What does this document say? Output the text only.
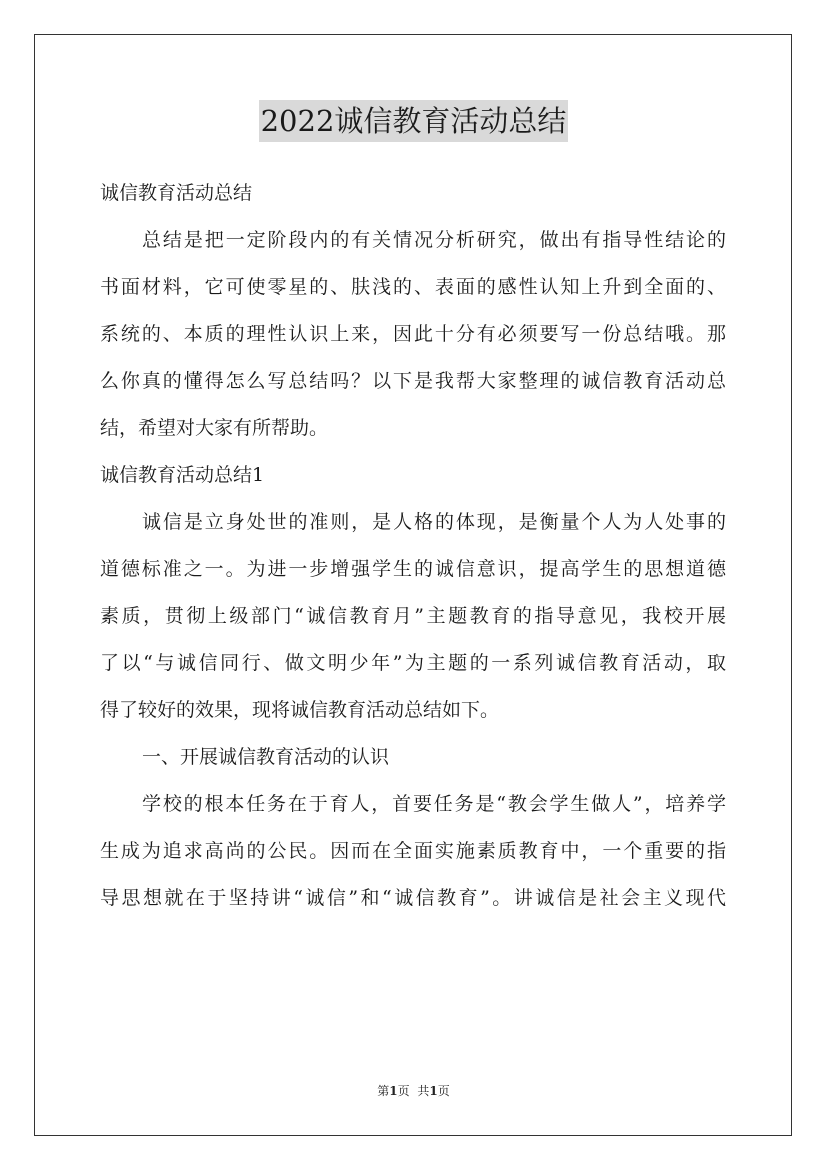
2022诚信教育活动总结
诚信教育活动总结
总结是把一定阶段内的有关情况分析研究，做出有指导性结论的
书面材料，它可使零星的、肤浅的、表面的感性认知上升到全面的、
系统的、本质的理性认识上来，因此十分有必须要写一份总结哦。那
么你真的懂得怎么写总结吗？以下是我帮大家整理的诚信教育活动总
结，希望对大家有所帮助。
诚信教育活动总结1
诚信是立身处世的准则，是人格的体现，是衡量个人为人处事的
道德标准之一。为进一步增强学生的诚信意识，提高学生的思想道德
素质，贯彻上级部门“诚信教育月”主题教育的指导意见，我校开展
了以“与诚信同行、做文明少年”为主题的一系列诚信教育活动，取
得了较好的效果，现将诚信教育活动总结如下。
一、开展诚信教育活动的认识
学校的根本任务在于育人，首要任务是“教会学生做人”，培养学
生成为追求高尚的公民。因而在全面实施素质教育中，一个重要的指
导思想就在于坚持讲“诚信”和“诚信教育”。讲诚信是社会主义现代
第1页 共1页
